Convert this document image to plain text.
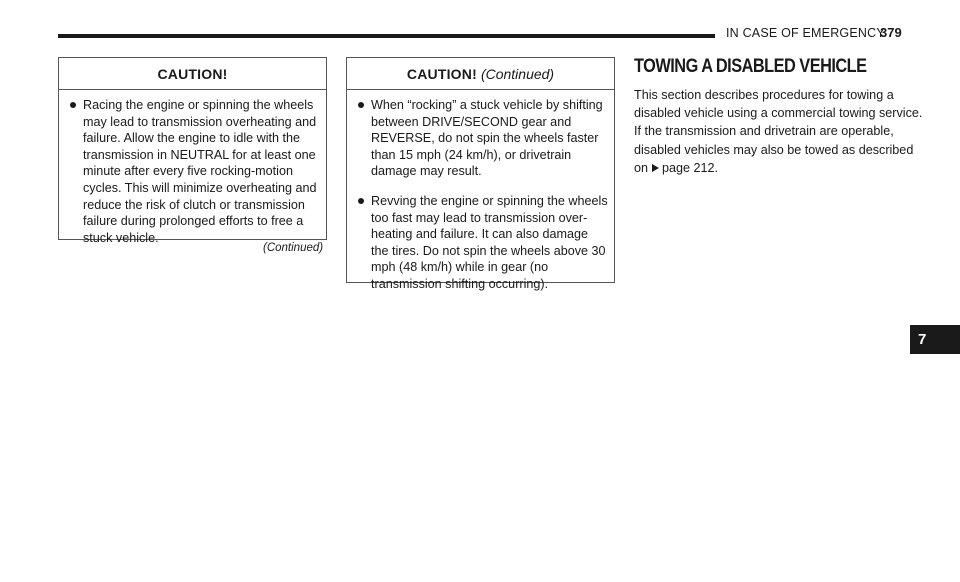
IN CASE OF EMERGENCY
379
CAUTION!
Racing the engine or spinning the wheels may lead to transmission overheating and failure. Allow the engine to idle with the transmission in NEUTRAL for at least one minute after every five rocking-motion cycles. This will minimize overheating and reduce the risk of clutch or transmission failure during prolonged efforts to free a stuck vehicle.
(Continued)
CAUTION! (Continued)
When “rocking” a stuck vehicle by shifting between DRIVE/SECOND gear and REVERSE, do not spin the wheels faster than 15 mph (24 km/h), or drivetrain damage may result.
Revving the engine or spinning the wheels too fast may lead to transmission over-heating and failure. It can also damage the tires. Do not spin the wheels above 30 mph (48 km/h) while in gear (no transmission shifting occurring).
TOWING A DISABLED VEHICLE
This section describes procedures for towing a disabled vehicle using a commercial towing service. If the transmission and drivetrain are operable, disabled vehicles may also be towed as described on page 212.
7
